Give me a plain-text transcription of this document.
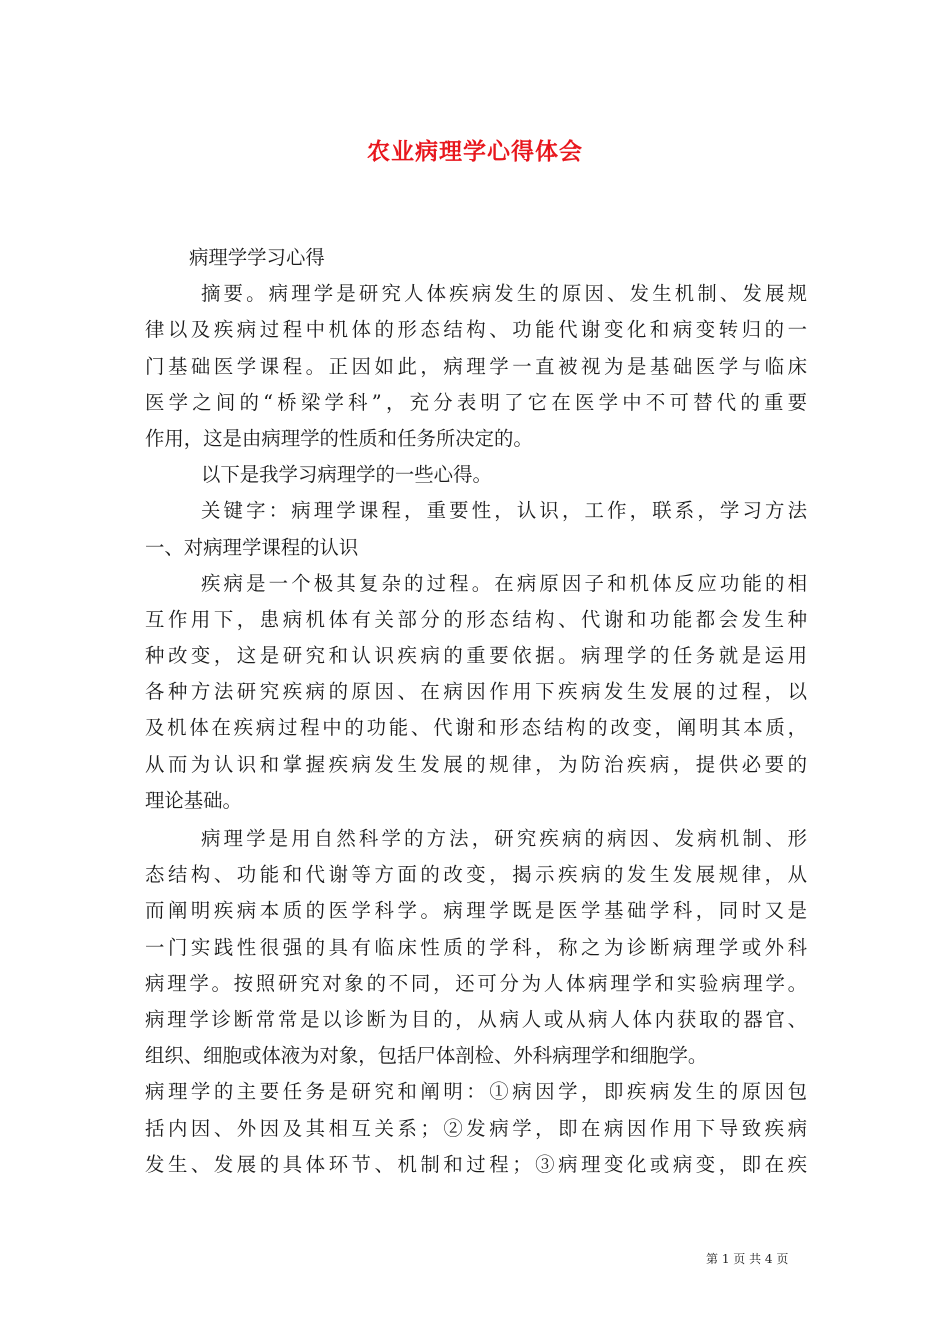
农业病理学心得体会
病理学学习心得
摘要。病理学是研究人体疾病发生的原因、发生机制、发展规
律以及疾病过程中机体的形态结构、功能代谢变化和病变转归的一
门基础医学课程。正因如此，病理学一直被视为是基础医学与临床
医学之间的“桥梁学科”，充分表明了它在医学中不可替代的重要
作用，这是由病理学的性质和任务所决定的。
以下是我学习病理学的一些心得。
关键字：病理学课程，重要性，认识，工作，联系，学习方法
一、对病理学课程的认识
疾病是一个极其复杂的过程。在病原因子和机体反应功能的相
互作用下，患病机体有关部分的形态结构、代谢和功能都会发生种
种改变，这是研究和认识疾病的重要依据。病理学的任务就是运用
各种方法研究疾病的原因、在病因作用下疾病发生发展的过程，以
及机体在疾病过程中的功能、代谢和形态结构的改变，阐明其本质，
从而为认识和掌握疾病发生发展的规律，为防治疾病，提供必要的
理论基础。
病理学是用自然科学的方法，研究疾病的病因、发病机制、形
态结构、功能和代谢等方面的改变，揭示疾病的发生发展规律，从
而阐明疾病本质的医学科学。病理学既是医学基础学科，同时又是
一门实践性很强的具有临床性质的学科，称之为诊断病理学或外科
病理学。按照研究对象的不同，还可分为人体病理学和实验病理学。
病理学诊断常常是以诊断为目的，从病人或从病人体内获取的器官、
组织、细胞或体液为对象，包括尸体剖检、外科病理学和细胞学。
病理学的主要任务是研究和阐明：①病因学，即疾病发生的原因包
括内因、外因及其相互关系；②发病学，即在病因作用下导致疾病
发生、发展的具体环节、机制和过程；③病理变化或病变，即在疾
第 1 页 共 4 页
